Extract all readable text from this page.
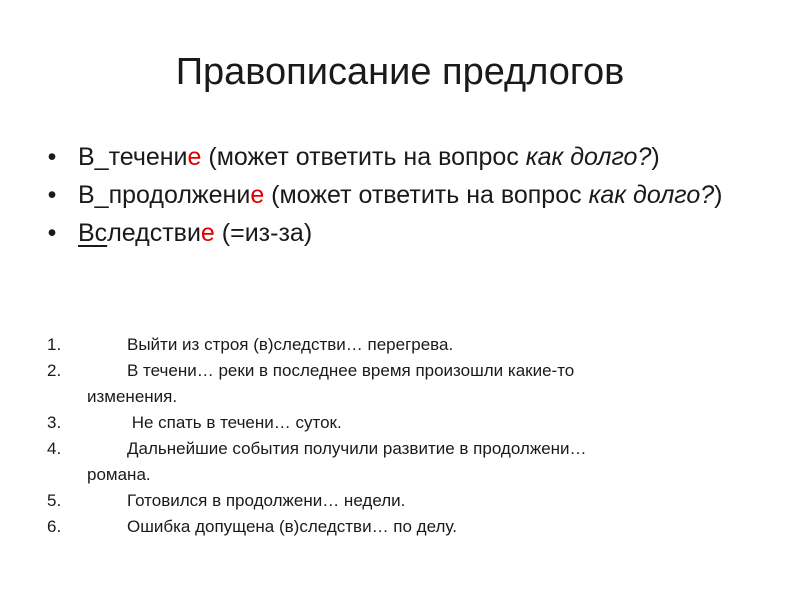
Правописание предлогов
• В_течение (может ответить на вопрос как долго?)
• В_продолжение (может ответить на вопрос как долго?)
• Вследствие (=из-за)
1.	Выйти из строя (в)следстви… перегрева.
2.	В течени… реки в последнее время произошли какие-то
изменения.
3.	Не спать в течени… суток.
4.	Дальнейшие события получили развитие в продолжени…
романа.
5.	Готовился в продолжени… недели.
6.	Ошибка допущена (в)следстви… по делу.
